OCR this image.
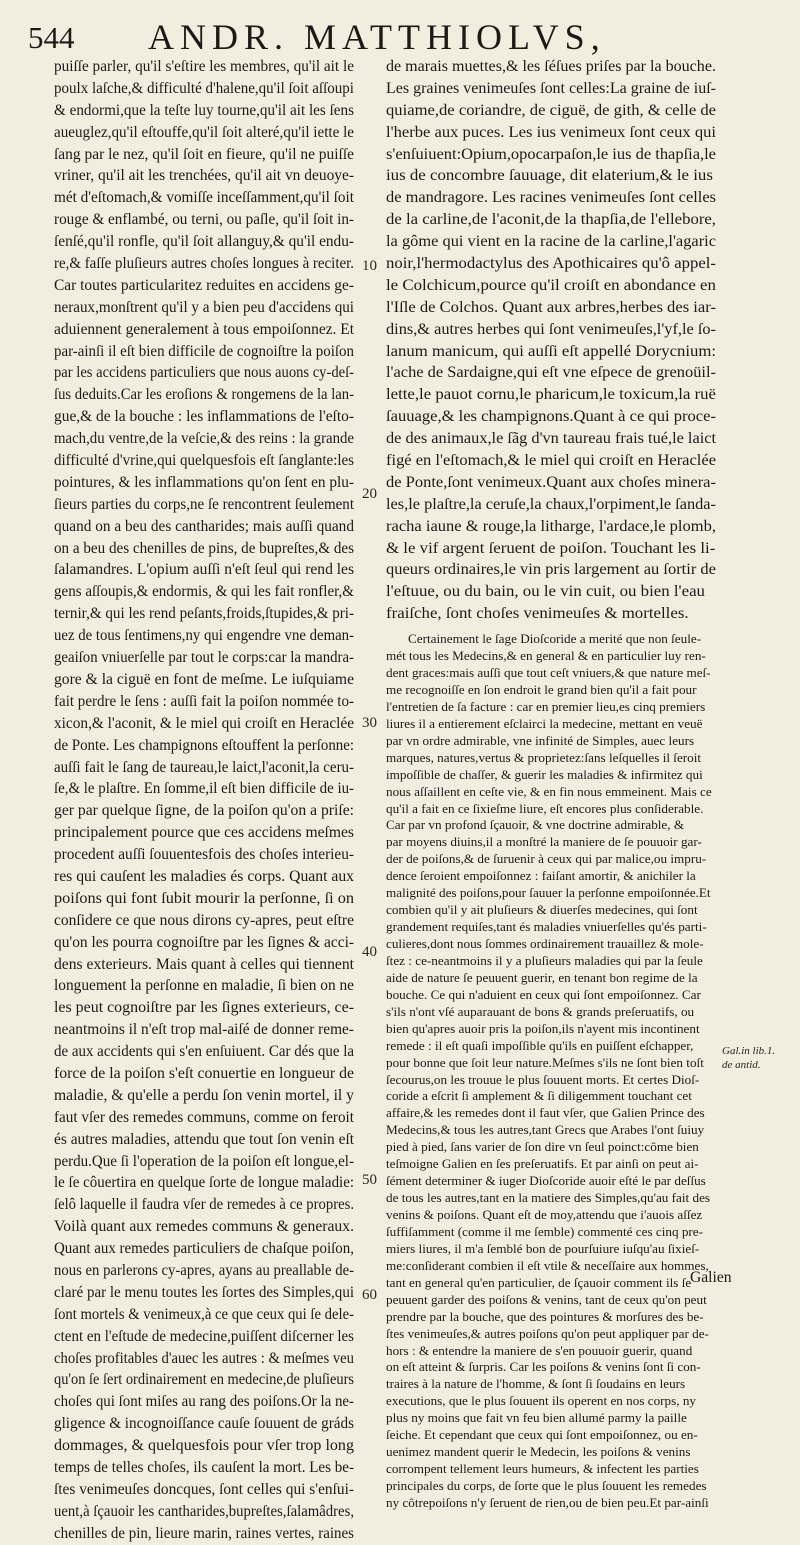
544 ANDR. MATTHIOLVS,
puiſſe parler, qu'il s'eſtire les membres, qu'il ait le
poulx laſche,& difficulté d'halene,qu'il ſoit aſſoupi
& endormi,que la teſte luy tourne,qu'il ait les ſens
aueuglez,qu'il eſtouffe,qu'il ſoit alteré,qu'il iette le
ſang par le nez, qu'il ſoit en fieure, qu'il ne puiſſe
vriner, qu'il ait les trenchées, qu'il ait vn deuoye-
mét d'eſtomach,& vomiſſe inceſſamment,qu'il ſoit
rouge & enflambé, ou terni, ou paſle, qu'il ſoit in-
ſenſé,qu'il ronfle, qu'il ſoit allanguy,& qu'il endu-
re,& faſſe pluſieurs autres choſes longues à reciter.
Car toutes particularitez reduites en accidens ge-
neraux,monſtrent qu'il y a bien peu d'accidens qui
aduiennent generalement à tous empoiſonnez. Et
par-ainſi il eſt bien difficile de cognoiſtre la poiſon
par les accidens particuliers que nous auons cy-deſ-
ſus deduits.Car les eroſions & rongemens de la lan-
gue,& de la bouche : les inflammations de l'eſto-
mach,du ventre,de la veſcie,& des reins : la grande
difficulté d'vrine,qui quelquesfois eſt ſanglante:les
pointures, & les inflammations qu'on ſent en plu-
ſieurs parties du corps,ne ſe rencontrent ſeulement
quand on a beu des cantharides; mais auſſi quand
on a beu des chenilles de pins, de bupreſtes,& des
ſalamandres. L'opium auſſi n'eſt ſeul qui rend les
gens aſſoupis,& endormis, & qui les fait ronfler,&
ternir,& qui les rend peſants,froids,ſtupides,& pri-
uez de tous ſentimens,ny qui engendre vne deman-
geaiſon vniuerſelle par tout le corps:car la mandra-
gore & la ciguë en font de meſme. Le iuſquiame
fait perdre le ſens : auſſi fait la poiſon nommée to-
xicon,& l'aconit, & le miel qui croiſt en Heraclée
de Ponte. Les champignons eſtouffent la perſonne:
auſſi fait le ſang de taureau,le laict,l'aconit,la ceru-
ſe,& le plaſtre. En ſomme,il eſt bien difficile de iu-
ger par quelque ſigne, de la poiſon qu'on a priſe:
principalement pource que ces accidens meſmes
procedent auſſi ſouuentesfois des choſes interieu-
res qui cauſent les maladies és corps. Quant aux
poiſons qui font ſubit mourir la perſonne, ſi on
conſidere ce que nous dirons cy-apres, peut eſtre
qu'on les pourra cognoiſtre par les ſignes & acci-
dens exterieurs. Mais quant à celles qui tiennent
longuement la perſonne en maladie, ſi bien on ne
les peut cognoiſtre par les ſignes exterieurs, ce-
neantmoins il n'eſt trop mal-aiſé de donner reme-
de aux accidents qui s'en enſuiuent. Car dés que la
force de la poiſon s'eſt conuertie en longueur de
maladie, & qu'elle a perdu ſon venin mortel, il y
faut vſer des remedes communs, comme on feroit
és autres maladies, attendu que tout ſon venin eſt
perdu.Que ſi l'operation de la poiſon eſt longue,el-
le ſe côuertira en quelque ſorte de longue maladie:
ſelô laquelle il faudra vſer de remedes à ce propres.
Voilà quant aux remedes communs & generaux.
Quant aux remedes particuliers de chaſque poiſon,
nous en parlerons cy-apres, ayans au preallable de-
claré par le menu toutes les ſortes des Simples,qui
ſont mortels & venimeux,à ce que ceux qui ſe dele-
ctent en l'eſtude de medecine,puiſſent diſcerner les
choſes profitables d'auec les autres : & meſmes veu
qu'on ſe ſert ordinairement en medecine,de pluſieurs
choſes qui ſont miſes au rang des poiſons.Or la ne-
gligence & incognoiſſance cauſe ſouuent de gráds
dommages, & quelquesfois pour vſer trop long
temps de telles choſes, ils cauſent la mort. Les be-
ſtes venimeuſes doncques, ſont celles qui s'enſui-
uent,à ſçauoir les cantharides,bupreſtes,ſalamâdres,
chenilles de pin, lieure marin, raines vertes, raines
de marais muettes,& les ſéſues priſes par la bouche.
Les graines venimeuſes ſont celles:La graine de iuſ-
quiame,de coriandre, de ciguë, de gith, & celle de
l'herbe aux puces. Les ius venimeux ſont ceux qui
s'enſuiuent:Opium,opocarpaſon,le ius de thapſia,le
ius de concombre ſauuage, dit elaterium,& le ius
de mandragore. Les racines venimeuſes ſont celles
de la carline,de l'aconit,de la thapſia,de l'ellebore,
la gôme qui vient en la racine de la carline,l'agaric
noir,l'hermodactylus des Apothicaires qu'ô appel-
le Colchicum,pource qu'il croiſt en abondance en
l'Iſle de Colchos. Quant aux arbres,herbes des iar-
dins,& autres herbes qui ſont venimeuſes,l'yf,le ſo-
lanum manicum, qui auſſi eſt appellé Dorycnium:
l'ache de Sardaigne,qui eſt vne eſpece de grenoüil-
lette,le pauot cornu,le pharicum,le toxicum,la ruë
ſauuage,& les champignons.Quant à ce qui proce-
de des animaux,le ſãg d'vn taureau frais tué,le laict
figé en l'eſtomach,& le miel qui croiſt en Heraclée
de Ponte,ſont venimeux.Quant aux choſes minera-
les,le plaſtre,la ceruſe,la chaux,l'orpiment,le ſanda-
racha iaune & rouge,la litharge, l'ardace,le plomb,
& le vif argent ſeruent de poiſon. Touchant les li-
queurs ordinaires,le vin pris largement au ſortir de
l'eſtuue, ou du bain, ou le vin cuit, ou bien l'eau
fraiſche, ſont choſes venimeuſes & mortelles.
Certainement le ſage Dioſcoride a merité que non ſeule-
mét tous les Medecins,& en general & en particulier luy ren-
dent graces:mais auſſi que tout ceſt vniuers,& que nature meſ-
me recognoiſſe en ſon endroit le grand bien qu'il a fait pour
l'entretien de ſa facture : car en premier lieu,es cinq premiers
liures il a entierement eſclairci la medecine, mettant en veuë
par vn ordre admirable, vne infinité de Simples, auec leurs
marques, natures,vertus & proprietez:ſans leſquelles il ſeroit
impoſſible de chaſſer, & guerir les maladies & infirmitez qui
nous aſſaillent en ceſte vie, & en fin nous emmeinent. Mais ce
qu'il a fait en ce ſixieſme liure, eſt encores plus conſiderable.
Car par vn profond ſçauoir, & vne doctrine admirable, &
par moyens diuins,il a monſtré la maniere de ſe pouuoir gar-
der de poiſons,& de ſuruenir à ceux qui par malice,ou impru-
dence ſeroient empoiſonnez : faiſant amortir, & anichiler la
malignité des poiſons,pour ſauuer la perſonne empoiſonnée.Et
combien qu'il y ait pluſieurs & diuerſes medecines, qui ſont
grandement requiſes,tant és maladies vniuerſelles qu'és parti-
culieres,dont nous ſommes ordinairement trauaillez & mole-
ſtez : ce-neantmoins il y a pluſieurs maladies qui par la ſeule
aide de nature ſe peuuent guerir, en tenant bon regime de la
bouche. Ce qui n'aduient en ceux qui ſont empoiſonnez. Car
s'ils n'ont vſé auparauant de bons & grands preſeruatifs, ou
bien qu'apres auoir pris la poiſon,ils n'ayent mis incontinent
remede : il eſt quaſi impoſſible qu'ils en puiſſent eſchapper,
pour bonne que ſoit leur nature.Meſmes s'ils ne ſont bien toſt
ſecourus,on les trouue le plus ſouuent morts. Et certes Dioſ-
coride a eſcrit ſi amplement & ſi diligemment touchant cet
affaire,& les remedes dont il faut vſer, que Galien Prince des
Medecins,& tous les autres,tant Grecs que Arabes l'ont ſuiuy
pied à pied, ſans varier de ſon dire vn ſeul poinct:côme bien
teſmoigne Galien en ſes preſeruatifs. Et par ainſi on peut ai-
ſément determiner & iuger Dioſcoride auoir eſté le par deſſus
de tous les autres,tant en la matiere des Simples,qu'au fait des
venins & poiſons. Quant eſt de moy,attendu que i'auois aſſez
ſuffiſamment (comme il me ſemble) commenté ces cinq pre-
miers liures, il m'a ſemblé bon de pourſuiure iuſqu'au ſixieſ-
me:conſiderant combien il eſt vtile & neceſſaire aux hommes,
tant en general qu'en particulier, de ſçauoir comment ils ſe
peuuent garder des poiſons & venins, tant de ceux qu'on peut
prendre par la bouche, que des pointures & morſures des be-
ſtes venimeuſes,& autres poiſons qu'on peut appliquer par de-
hors : & entendre la maniere de s'en pouuoir guerir, quand
on eſt atteint & ſurpris. Car les poiſons & venins ſont ſi con-
traires à la nature de l'homme, & ſont ſi ſoudains en leurs
executions, que le plus ſouuent ils operent en nos corps, ny
plus ny moins que fait vn feu bien allumé parmy la paille
ſeiche. Et cependant que ceux qui ſont empoiſonnez, ou en-
uenimez mandent querir le Medecin, les poiſons & venins
corrompent tellement leurs humeurs, & infectent les parties
principales du corps, de ſorte que le plus ſouuent les remedes
ny côtrepoiſons n'y ſeruent de rien,ou de bien peu.Et par-ainſi
10
20
30
40
50
60
Gal.in lib.1.
de antid.
Galien
